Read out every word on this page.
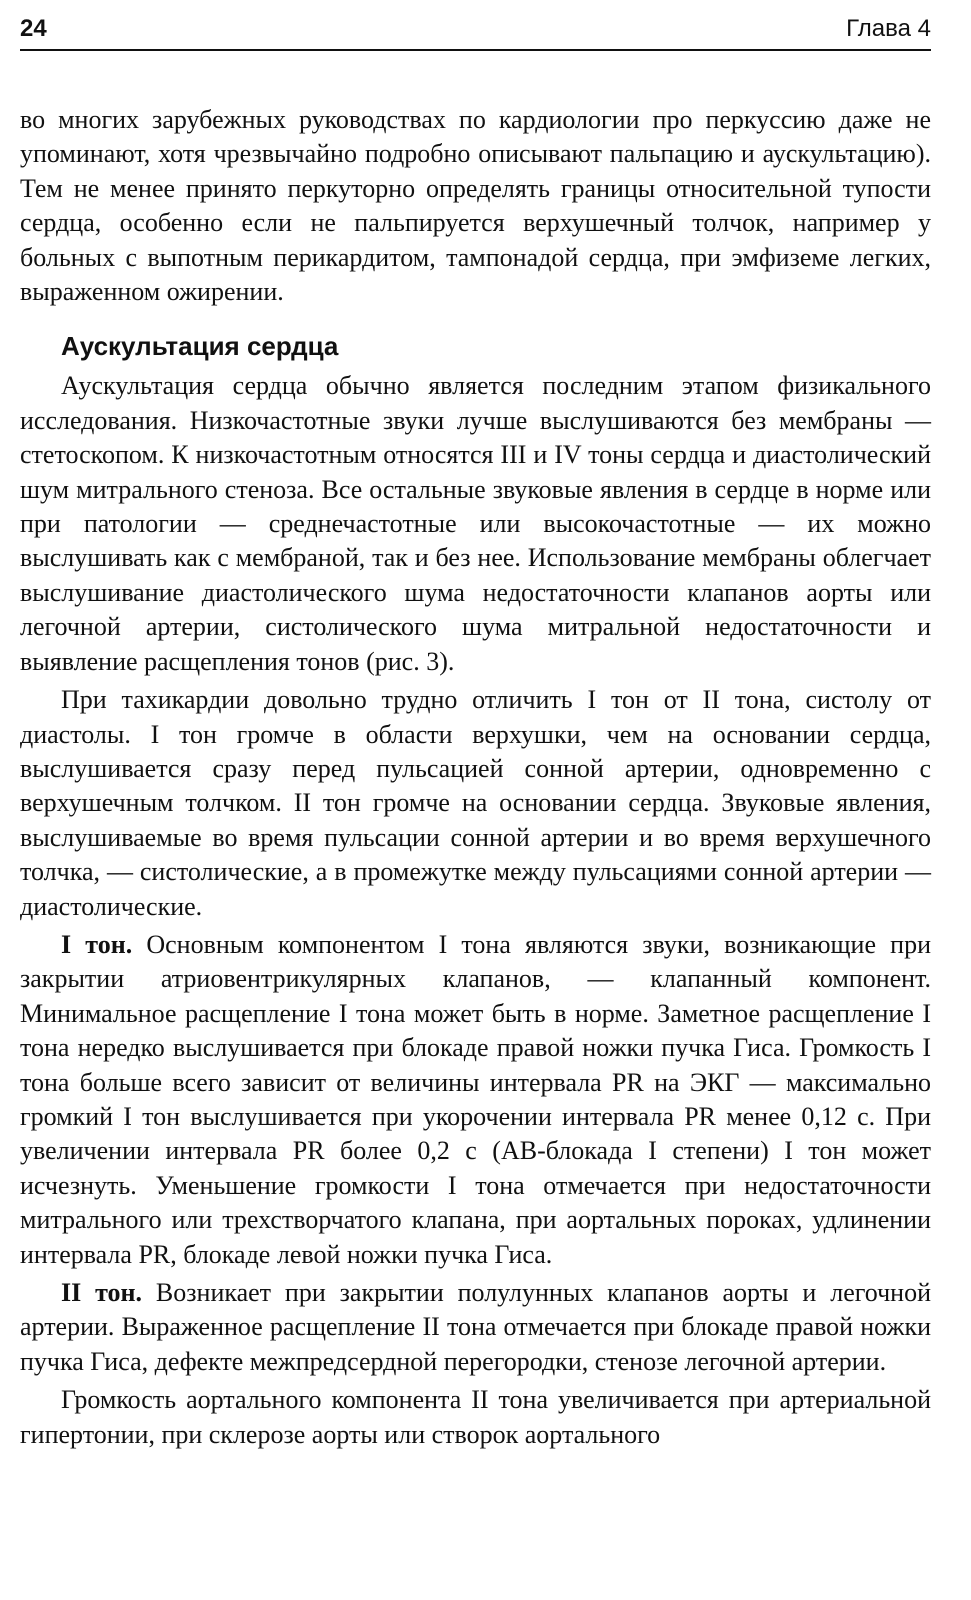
24	Глава 4

во многих зарубежных руководствах по кардиологии про перкуссию даже не упоминают, хотя чрезвычайно подробно описывают пальпацию и аускультацию). Тем не менее принято перкуторно определять границы относительной тупости сердца, особенно если не пальпируется верхушечный толчок, например у больных с выпотным перикардитом, тампонадой сердца, при эмфиземе легких, выраженном ожирении.

Аускультация сердца

Аускультация сердца обычно является последним этапом физикального исследования. Низкочастотные звуки лучше выслушиваются без мембраны — стетоскопом. К низкочастотным относятся III и IV тоны сердца и диастолический шум митрального стеноза. Все остальные звуковые явления в сердце в норме или при патологии — среднечастотные или высокочастотные — их можно выслушивать как с мембраной, так и без нее. Использование мембраны облегчает выслушивание диастолического шума недостаточности клапанов аорты или легочной артерии, систолического шума митральной недостаточности и выявление расщепления тонов (рис. 3).

При тахикардии довольно трудно отличить I тон от II тона, систолу от диастолы. I тон громче в области верхушки, чем на основании сердца, выслушивается сразу перед пульсацией сонной артерии, одновременно с верхушечным толчком. II тон громче на основании сердца. Звуковые явления, выслушиваемые во время пульсации сонной артерии и во время верхушечного толчка, — систолические, а в промежутке между пульсациями сонной артерии — диастолические.

I тон. Основным компонентом I тона являются звуки, возникающие при закрытии атриовентрикулярных клапанов, — клапанный компонент. Минимальное расщепление I тона может быть в норме. Заметное расщепление I тона нередко выслушивается при блокаде правой ножки пучка Гиса. Громкость I тона больше всего зависит от величины интервала PR на ЭКГ — максимально громкий I тон выслушивается при укорочении интервала PR менее 0,12 с. При увеличении интервала PR более 0,2 с (АВ-блокада I степени) I тон может исчезнуть. Уменьшение громкости I тона отмечается при недостаточности митрального или трехстворчатого клапана, при аортальных пороках, удлинении интервала PR, блокаде левой ножки пучка Гиса.

II тон. Возникает при закрытии полулунных клапанов аорты и легочной артерии. Выраженное расщепление II тона отмечается при блокаде правой ножки пучка Гиса, дефекте межпредсердной перегородки, стенозе легочной артерии.

Громкость аортального компонента II тона увеличивается при артериальной гипертонии, при склерозе аорты или створок аортального
